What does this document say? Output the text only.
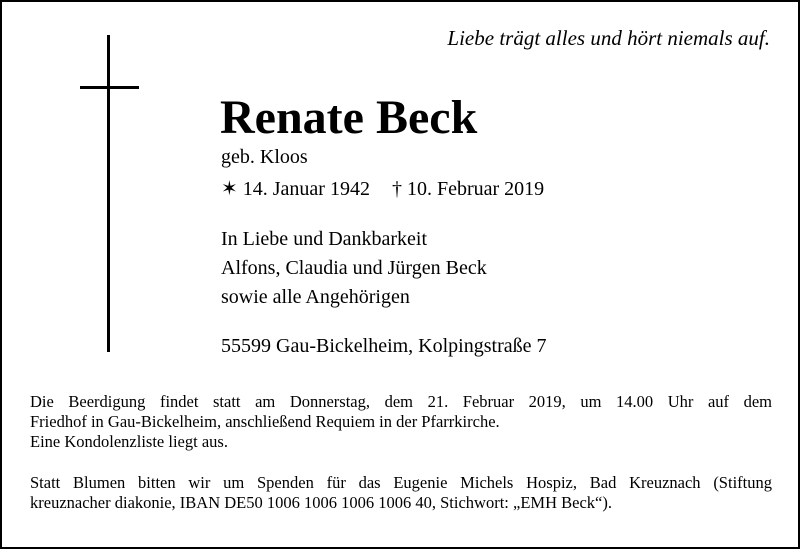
Liebe trägt alles und hört niemals auf.
Renate Beck
geb. Kloos
✶ 14. Januar 1942 † 10. Februar 2019
In Liebe und Dankbarkeit
Alfons, Claudia und Jürgen Beck
sowie alle Angehörigen
55599 Gau-Bickelheim, Kolpingstraße 7
Die Beerdigung findet statt am Donnerstag, dem 21. Februar 2019, um 14.00 Uhr auf dem
Friedhof in Gau-Bickelheim, anschließend Requiem in der Pfarrkirche.
Eine Kondolenzliste liegt aus.
Statt Blumen bitten wir um Spenden für das Eugenie Michels Hospiz, Bad Kreuznach (Stiftung
kreuznacher diakonie, IBAN DE50 1006 1006 1006 1006 40, Stichwort: „EMH Beck“).
